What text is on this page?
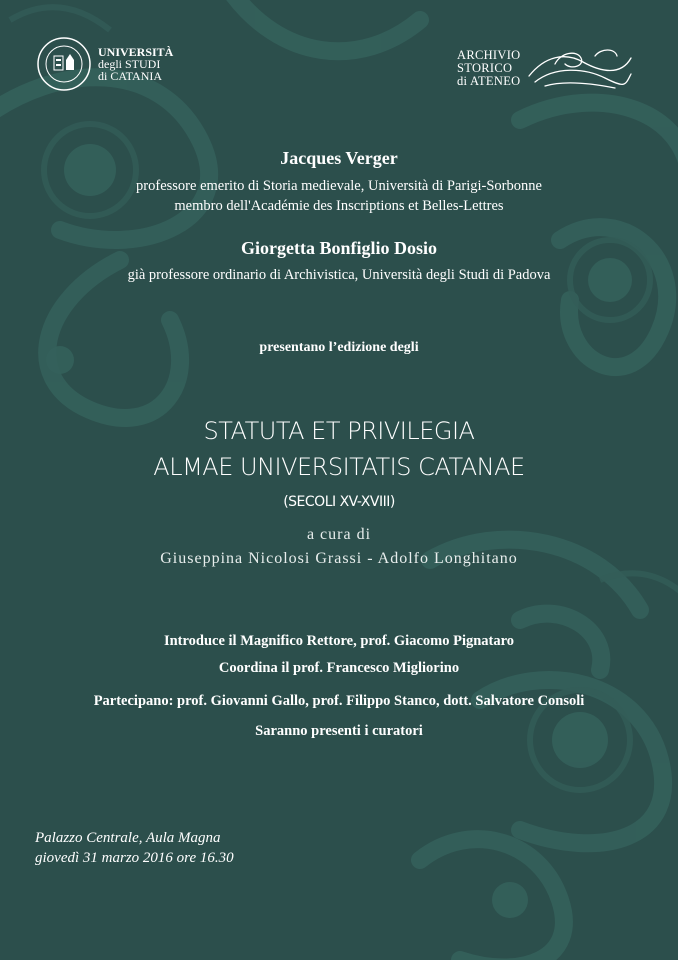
UNIVERSITÀ
degli STUDI
di CATANIA
ARCHIVIO
STORICO
di ATENEO
Jacques Verger
professore emerito di Storia medievale, Università di Parigi-Sorbonne
membro dell'Académie des Inscriptions et Belles-Lettres
Giorgetta Bonfiglio Dosio
già professore ordinario di Archivistica, Università degli Studi di Padova
presentano l’edizione degli
STATUTA ET PRIVILEGIA
ALMAE UNIVERSITATIS CATANAE
(SECOLI XV-XVIII)
a cura di
Giuseppina Nicolosi Grassi - Adolfo Longhitano
Introduce il Magnifico Rettore, prof. Giacomo Pignataro
Coordina il prof. Francesco Migliorino
Partecipano: prof. Giovanni Gallo, prof. Filippo Stanco, dott. Salvatore Consoli
Saranno presenti i curatori
Palazzo Centrale, Aula Magna
giovedì 31 marzo 2016 ore 16.30
